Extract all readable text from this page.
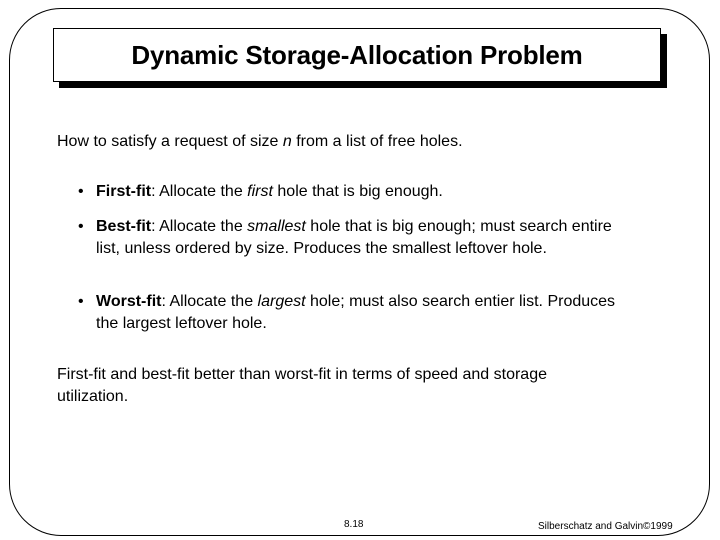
Dynamic Storage-Allocation Problem
How to satisfy a request of size n from a list of free holes.
• First-fit: Allocate the first hole that is big enough.
• Best-fit: Allocate the smallest hole that is big enough; must search entire list, unless ordered by size. Produces the smallest leftover hole.
• Worst-fit: Allocate the largest hole; must also search entier list. Produces the largest leftover hole.
First-fit and best-fit better than worst-fit in terms of speed and storage utilization.
8.18	Silberschatz and Galvin©1999
